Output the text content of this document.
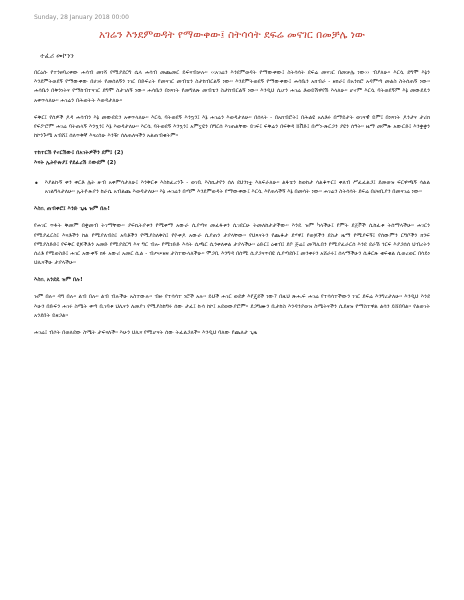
Sunday, 28 January 2018 00:00
አገሬን እንደምወዳት የማውቀው፤ ስትሳሳት ደፍሬ መናገር በመቻሌ ነው
ተፈሪ መኮንን

በርዕሱ የተንፀባረቀው ሐሳብ መነሻ የሚያደርግ ሴላ ሐሳብ መጨመር ይፍናብቻሉ፡፡ ‹‹አገሬን እንደምወዳት የማውቀው፤ ስትሳሳት ደፍሬ መናገር በመቻሌ ነው›› ብያለሁ፡፡ እርሷ ደግሞ እኔን እንደምትወደኝ የማውቀው በሀገሩ የመሰለኝን ነገር በድፍረት የመናገር መብቴን ስታከብርልኝ ነው፡፡ እንደምትወደኝ የማውቀው፤ ሐሳቤን አክብራ - ዘክራ፤ በአንክሮ አዳምጣ መልስ ስትሰጠኝ ነው፡፡ ሐሳቤን በቅንነትና የማከብተናገር ደግሞ ስታገለኝ ነው፡፡ ሐሳቤን በነጻነት የመግለጽ መብቴን ስታከብርልኝ ነው፡፡ እንዲህ ሲሆን ሐገሬ ቶወይሽዋየሽ እላለሁ፡፡ ሆኖም እርሷ ባትወደኝም እኔ መውደዴን አቀጥላለሁ፡፡ ሐገሬን በሕወትት እወዳታለሁ፡፡

ፍቅር፤ የሰዎች ዶዳ ሐሳብን እኔ መውደዴን አቀጥላለሁ፡፡ እርሷ ባትወደኝ እንኳን፤ እኔ ሐገሬን እወዳታለሁ፡፡ በሰላት - በአክብሮት፤ በሕልዩ አለቶሩ በማይታት ወገናዊ ይም፤ በነጻነት ዶንታና ታሪክ የፍፖሮም ሐገሬ ባትጠላኝ እንኳን፤ እኔ እወዳታለሁ፡፡ እርሷ ባትወደኝ እንኳን፤ አምኗዩን በግርሰ እገጠልቸው ይገፍ፤ ፍቅሬን በፍቅዳ ሸቨድ፤ በሥነ-ጽርጋን ያዩን ሰዓት፡፡ ዜማ መምጽ አውርድ፤ እንቋቋን ከኮንጉሜ አብሸ፤ ሰለጥቅኛ እናረሰሁ እንዥ ሰለጠለጓችን አልጠብቁትም፡፡

ተከተርሽ የኖርሽው፤ በአገትዎችን ደም፤ (2)

እናት ኢትዮጵያ፤ የደፈረሽ ይውደም (2)

• እያልኩኝ ቀን ቀርቶ ሌት ዙብ አቀምሳታለሁ፤ እንቅርቱ እስከፈረንጉ - ወገቢ እስኪታየን ሰለ ደህንነቷ እለፍራለሁ፡፡ ልፋቴን ከወከታ ሳልቆጥር፤ ቀለብ ሥፈፈልጋ፤ ደመወዝ ፍርዋጫኝ ሳልል አገልግላታለሁ፡፡ ኢትዮጵያን ከራሴ አብልጨ እወዳታለሁ፡፡ እኔ ሐገሬን በጣም እንደምወዳት የማውቀው፤ እርሷ እየጠላችኝ እኔ በመሳት ነው፡፡ ሐገሬን ስትሳሳት ደፍሬ በሀዛቢያን በመናገሬ ነው፡፡

እስኪ ጠብቀሮ፤ እንድ ጊዜ ዝም በሉ!

የሐገር ጥፋት ቅመም በቋመብ ትገማቸው፡፡ ያፍኪትያቱን የሚቀማ አውራ ሲያጣና መፈፋቱን ሲገደርሁ ትመለከታታችው፡፡ እንዴ ዝም ካላችሁ፤ የምት ደጀቮች ሲከፈቱ ትሰማላችሁ፡፡ ሐገርን የሚያፈርስ፤ እናቶችን ከል የሚያለብስ፤ አባቶችን የሚያስለቅስ፤ የዮቀዶ አውራ ሲያጠን ታያላቸው፡፡ የህጻናትን የጨቆታ ደሃዋ፤ የወጆችን ደስታ ዜማ የሚያፍኝ፤ የሰውምን ርግቦችን ክንፍ የሚያስድድ፤ የፍቅር ዩጆችቶን አመድ የሚያደርግ እና ግር ብሎ የሚነድድ እሳት ሲጫር ሲንቀለቀል ታያላችሁ፡፡ ዕድር፤ ዕቁብ፤ ደቦ ጅሬ፤ መኻሊበን የሚያፈራርሰ እንደ ደራሽ ጎርፍ እያጋሰሰ ህብረትን ሰሪቶ የሚወስድ፤ ሐገር አውቀኝ ክፉ አውሪ አመር ሲል - ብጦሠዘዛ ታስተውላለችሁ፡፡ ሞጋቢ እንግዳ በሰሚ ሲያጋናጥበዩ ሲያጣደቡ፤ መንቀሩን አሸራሩ፤ ሰላማችሁን ሲቆርጽ ቁፍቁል ሲወረወር በሳይነ ህሊናችሁ ታያላችሁ፡፡

እስኪ አንደዴ ዝም በሉ!

ዝም በሉ፡፡ ዳግ በሉ፡፡ ልብ በሉ፡፡ ልብ ብሉችሁ አስተውሉ፡፡ ብዙ የተሳሳተ ነሮች አሉ፡፡ ይህች ሐገር ወደቃ እየጄደች ነው? በዚህ ጽሑፍ ሐገሬ የተሳሳተችውን ነገር ደፍሬ እንግረታለሁ፡፡ እንዲህ እንደ እሁን በድፍን ሐገሩ ስሜት ቀጣ ቢገባቱ ህሊናን ለመያገ የሚያስከግሩ ሰው ታፈ፤ ኩሳ ከኮ፤ አደወውያሮም፡፡ ደጋግሙን ቢታከስ እንዳንያወዝ ስሜትናችን ሲደዘዝ የማስተዋል ልሳን ይሸበባል፡፡ የልወገት አንደበት ይዘጋል፡፡

ሐገሬ፤ ብሶት በወለደው ስሜት ታፍናለች፡፡ እሁን ህሊና የሚሆናት ሰው ትፈልጋለች፡፡ እንዲህ ባለው የጨለታ ጊዜ
